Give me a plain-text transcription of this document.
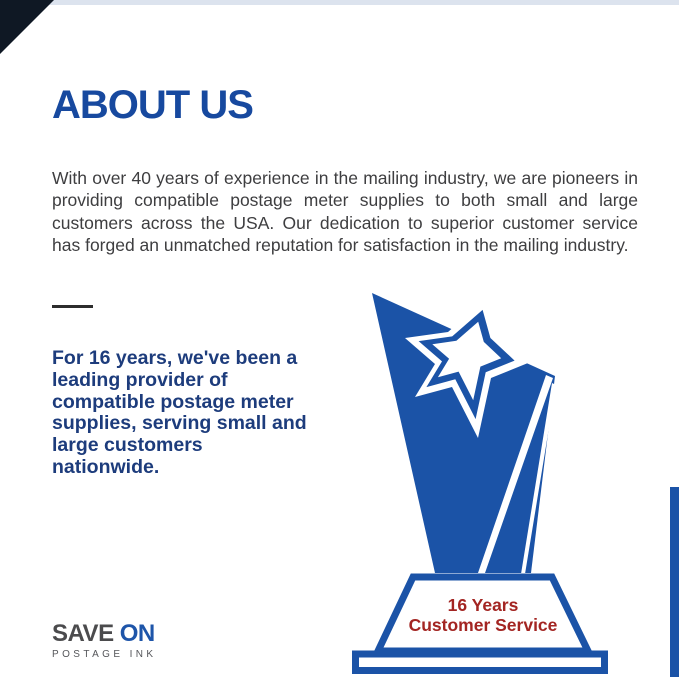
ABOUT US

With over 40 years of experience in the mailing industry, we are pioneers in providing compatible postage meter supplies to both small and large customers across the USA. Our dedication to superior customer service has forged an unmatched reputation for satisfaction in the mailing industry.

For 16 years, we've been a
leading provider of
compatible postage meter
supplies, serving small and
large customers
nationwide.
16 Years
Customer Service
SAVE ON
POSTAGE INK
